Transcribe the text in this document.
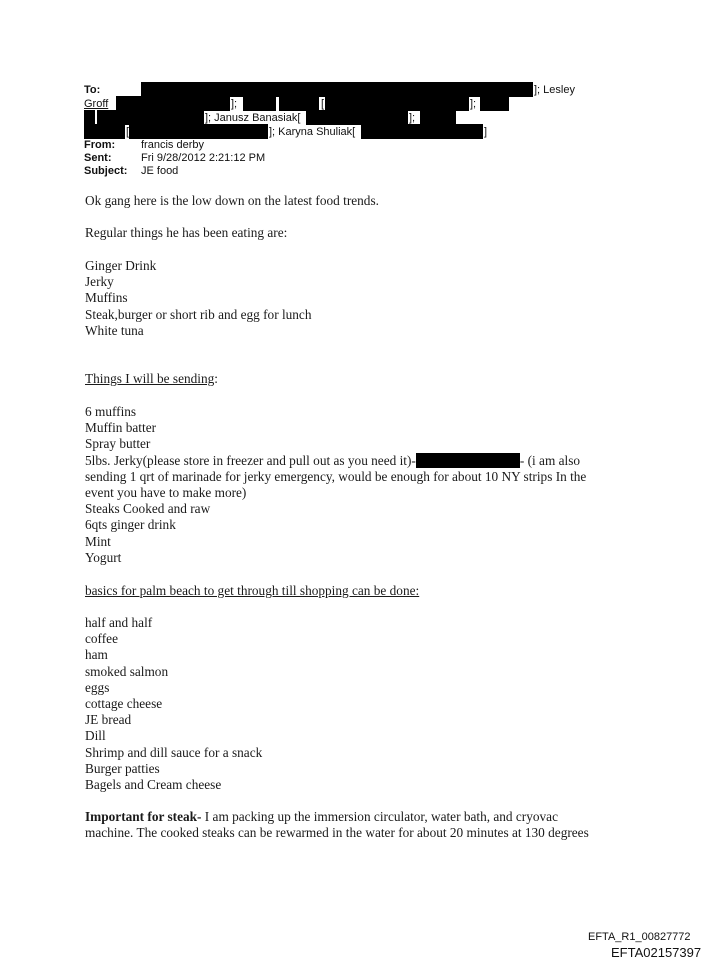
To:	]; Lesley
Groff	];	[	];
]; Janusz Banasiak[	];
[	]; Karyna Shuliak[	]
From: francis derby
Sent:	Fri 9/28/2012 2:21:12 PM
Subject: JE food
Ok gang here is the low down on the latest food trends.
Regular things he has been eating are:
Ginger Drink
Jerky
Muffins
Steak,burger or short rib and egg for lunch
White tuna
Things I will be sending:
6 muffins
Muffin batter
Spray butter
5lbs. Jerky(please store in freezer and pull out as you need it)-	- (i am also
sending 1 qrt of marinade for jerky emergency, would be enough for about 10 NY strips In the
event you have to make more)
Steaks Cooked and raw
6qts ginger drink
Mint
Yogurt
basics for palm beach to get through till shopping can be done:
half and half
coffee
ham
smoked salmon
eggs
cottage cheese
JE bread
Dill
Shrimp and dill sauce for a snack
Burger patties
Bagels and Cream cheese
Important for steak- I am packing up the immersion circulator, water bath, and cryovac
machine. The cooked steaks can be rewarmed in the water for about 20 minutes at 130 degrees
EFTA_R1_00827772
EFTA02157397
